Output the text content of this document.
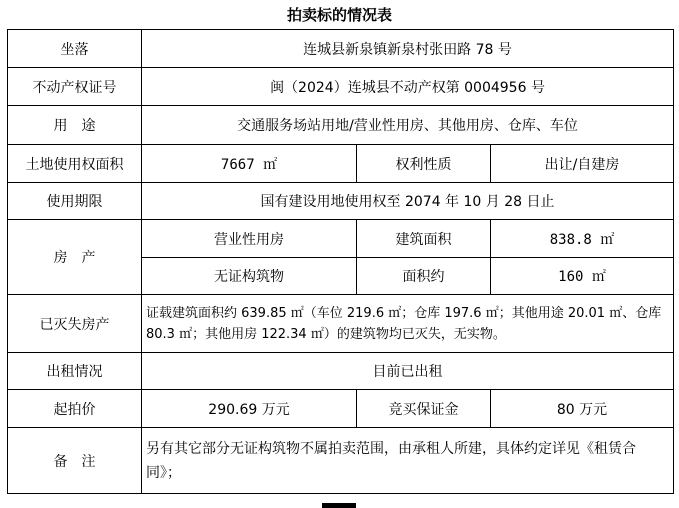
拍卖标的情况表
坐落	连城县新泉镇新泉村张田路 78 号		
不动产权证号	闽（2024）连城县不动产权第 0004956 号		
用　途	交通服务场站用地/营业性用房、其他用房、仓库、车位		
土地使用权面积	7667 ㎡	权利性质	出让/自建房
使用期限	国有建设用地使用权至 2074 年 10 月 28 日止		
房　产	营业性用房	建筑面积	838.8 ㎡
	无证构筑物	面积约	160 ㎡
已灭失房产	证载建筑面积约 639.85 ㎡（车位 219.6 ㎡；仓库 197.6 ㎡；其他用途 20.01 ㎡、仓库 80.3 ㎡；其他用房 122.34 ㎡）的建筑物均已灭失，无实物。		
出租情况	目前已出租		
起拍价	290.69 万元	竞买保证金	80 万元
备　注	另有其它部分无证构筑物不属拍卖范围，由承租人所建，具体约定详见《租赁合同》；		
